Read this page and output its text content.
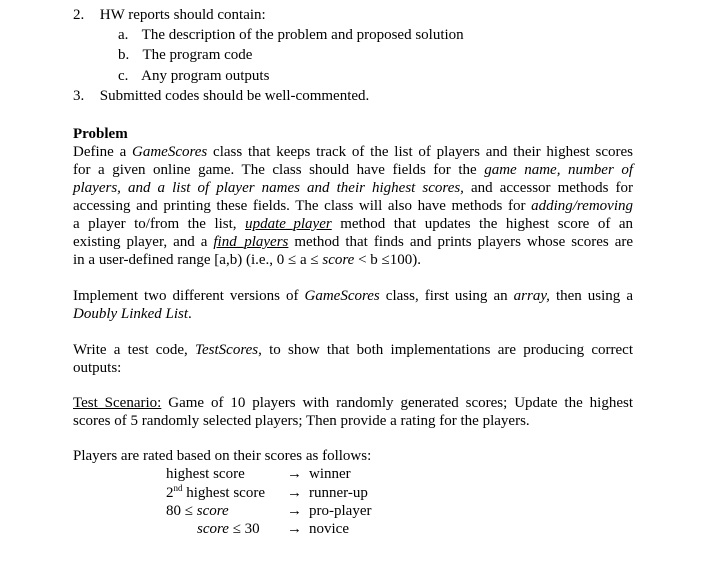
2. HW reports should contain:
a. The description of the problem and proposed solution
b. The program code
c. Any program outputs
3. Submitted codes should be well-commented.
Problem
Define a GameScores class that keeps track of the list of players and their highest scores
for a given online game. The class should have fields for the game name, number of
players, and a list of player names and their highest scores, and accessor methods for
accessing and printing these fields. The class will also have methods for adding/removing
a player to/from the list, update_player method that updates the highest score of an
existing player, and a find_players method that finds and prints players whose scores are
in a user-defined range [a,b) (i.e., 0 ≤ a ≤ score < b ≤100).
Implement two different versions of GameScores class, first using an array, then using a
Doubly Linked List.
Write a test code, TestScores, to show that both implementations are producing correct
outputs:
Test Scenario: Game of 10 players with randomly generated scores; Update the highest
scores of 5 randomly selected players; Then provide a rating for the players.
Players are rated based on their scores as follows:
highest score	→ winner
2nd highest score → runner-up
80 ≤ score	→ pro-player
score ≤ 30 → novice
